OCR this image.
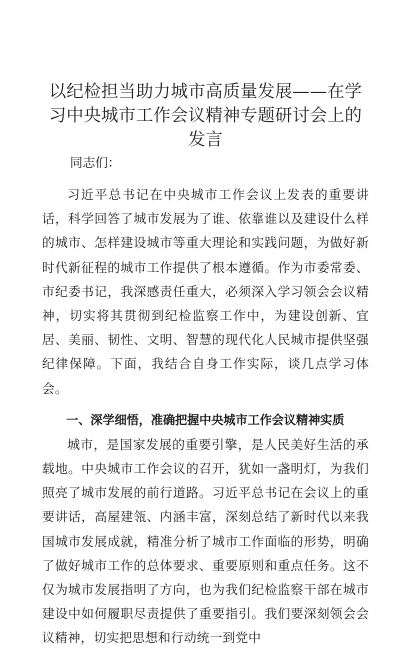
以纪检担当助力城市高质量发展——在学习中央城市工作会议精神专题研讨会上的发言
同志们：

习近平总书记在中央城市工作会议上发表的重要讲话，科学回答了城市发展为了谁、依靠谁以及建设什么样的城市、怎样建设城市等重大理论和实践问题，为做好新时代新征程的城市工作提供了根本遵循。作为市委常委、市纪委书记，我深感责任重大，必须深入学习领会会议精神，切实将其贯彻到纪检监察工作中，为建设创新、宜居、美丽、韧性、文明、智慧的现代化人民城市提供坚强纪律保障。下面，我结合自身工作实际，谈几点学习体会。

一、深学细悟，准确把握中央城市工作会议精神实质

城市，是国家发展的重要引擎，是人民美好生活的承载地。中央城市工作会议的召开，犹如一盏明灯，为我们照亮了城市发展的前行道路。习近平总书记在会议上的重要讲话，高屋建瓴、内涵丰富，深刻总结了新时代以来我国城市发展成就，精准分析了城市工作面临的形势，明确了做好城市工作的总体要求、重要原则和重点任务。这不仅为城市发展指明了方向，也为我们纪检监察干部在城市建设中如何履职尽责提供了重要指引。我们要深刻领会会议精神，切实把思想和行动统一到党中
